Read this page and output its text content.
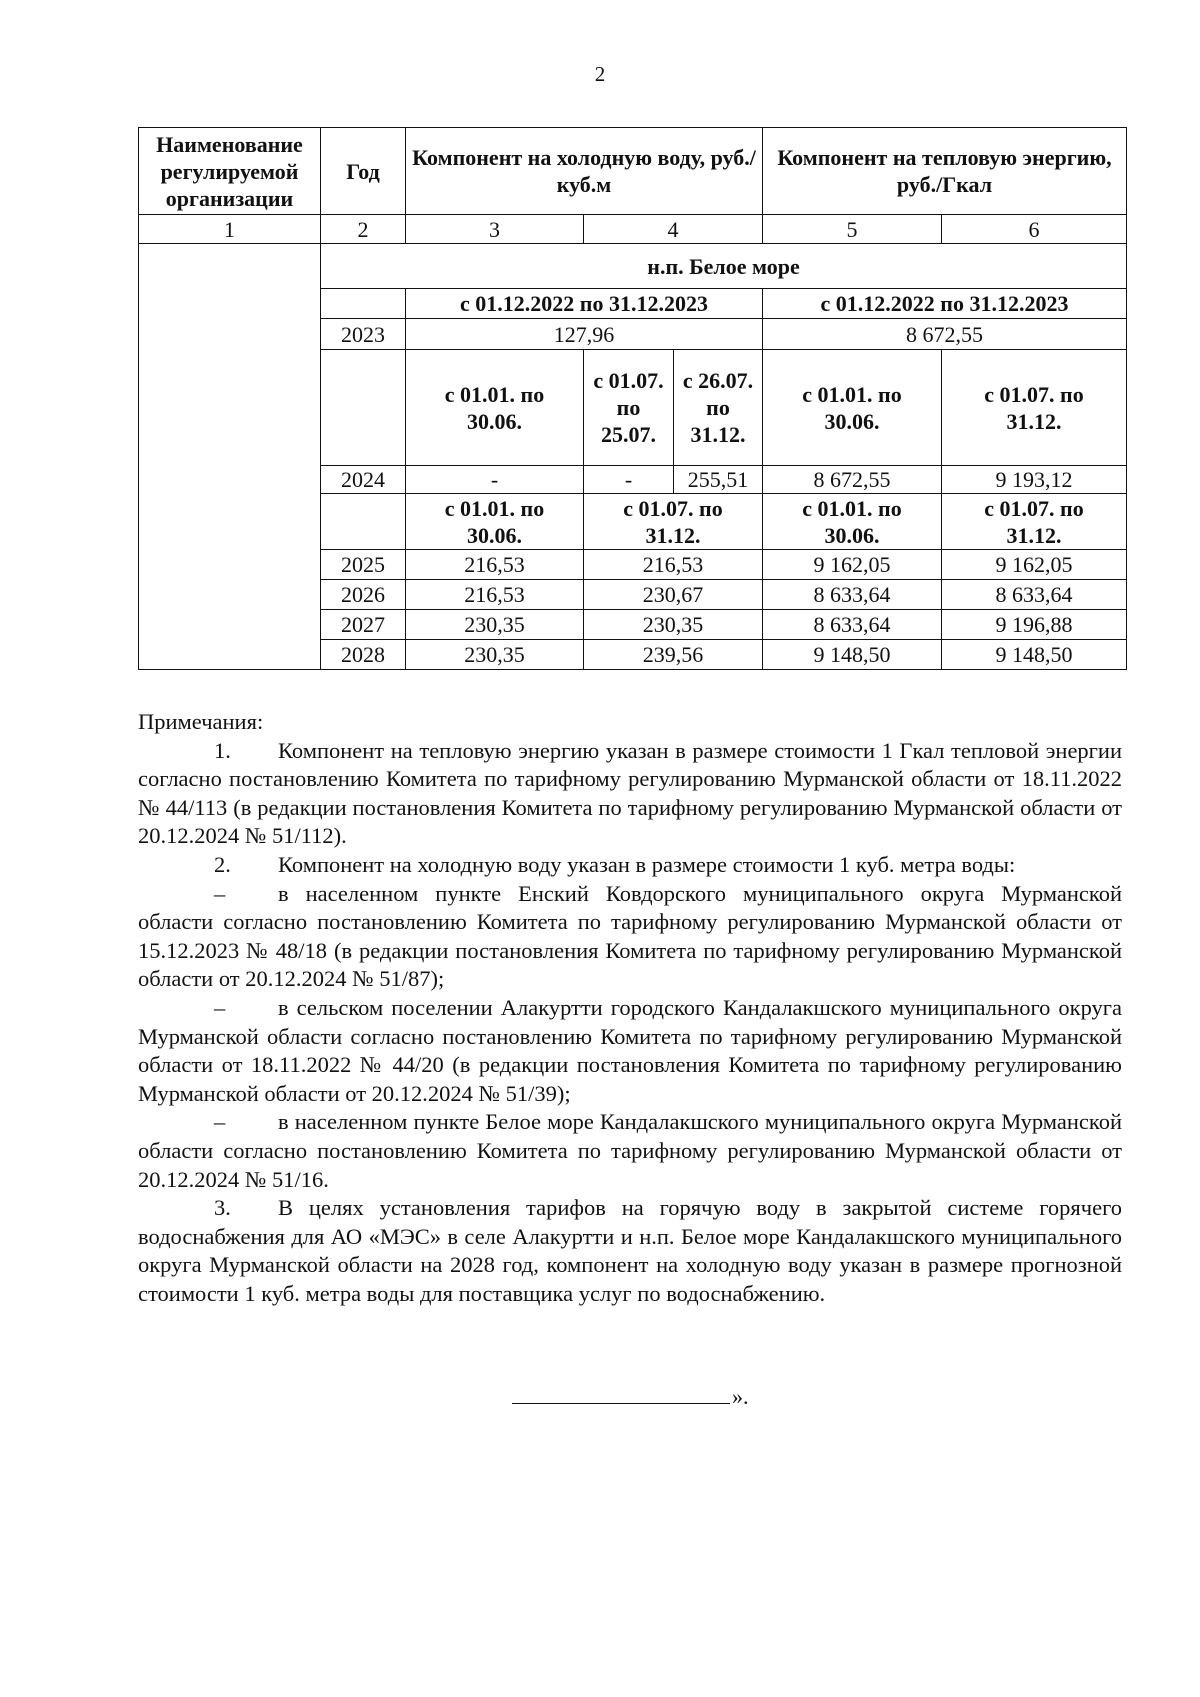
2
Наименование регулируемой организации	Год	Компонент на холодную воду, руб./куб.м			Компонент на тепловую энергию, руб./Гкал	
1	2	3	4		5	6
	н.п. Белое море					
		с 01.12.2022 по 31.12.2023			с 01.12.2022 по 31.12.2023	
	2023	127,96			8 672,55	
		с 01.01. по 30.06.	с 01.07. по 25.07.	с 26.07. по 31.12.	с 01.01. по 30.06.	с 01.07. по 31.12.
	2024	-	-	255,51	8 672,55	9 193,12
		с 01.01. по 30.06.	с 01.07. по 31.12.		с 01.01. по 30.06.	с 01.07. по 31.12.
	2025	216,53	216,53		9 162,05	9 162,05
	2026	216,53	230,67		8 633,64	8 633,64
	2027	230,35	230,35		8 633,64	9 196,88
	2028	230,35	239,56		9 148,50	9 148,50

Примечания:

1. Компонент на тепловую энергию указан в размере стоимости 1 Гкал тепловой энергии согласно постановлению Комитета по тарифному регулированию Мурманской области от 18.11.2022 № 44/113 (в редакции постановления Комитета по тарифному регулированию Мурманской области от 20.12.2024 № 51/112).

2. Компонент на холодную воду указан в размере стоимости 1 куб. метра воды:

– в населенном пункте Енский Ковдорского муниципального округа Мурманской области согласно постановлению Комитета по тарифному регулированию Мурманской области от 15.12.2023 № 48/18 (в редакции постановления Комитета по тарифному регулированию Мурманской области от 20.12.2024 № 51/87);

– в сельском поселении Алакуртти городского Кандалакшского муниципального округа Мурманской области согласно постановлению Комитета по тарифному регулированию Мурманской области от 18.11.2022 № 44/20 (в редакции постановления Комитета по тарифному регулированию Мурманской области от 20.12.2024 № 51/39);

– в населенном пункте Белое море Кандалакшского муниципального округа Мурманской области согласно постановлению Комитета по тарифному регулированию Мурманской области от 20.12.2024 № 51/16.

3. В целях установления тарифов на горячую воду в закрытой системе горячего водоснабжения для АО «МЭС» в селе Алакуртти и н.п. Белое море Кандалакшского муниципального округа Мурманской области на 2028 год, компонент на холодную воду указан в размере прогнозной стоимости 1 куб. метра воды для поставщика услуг по водоснабжению.

».
